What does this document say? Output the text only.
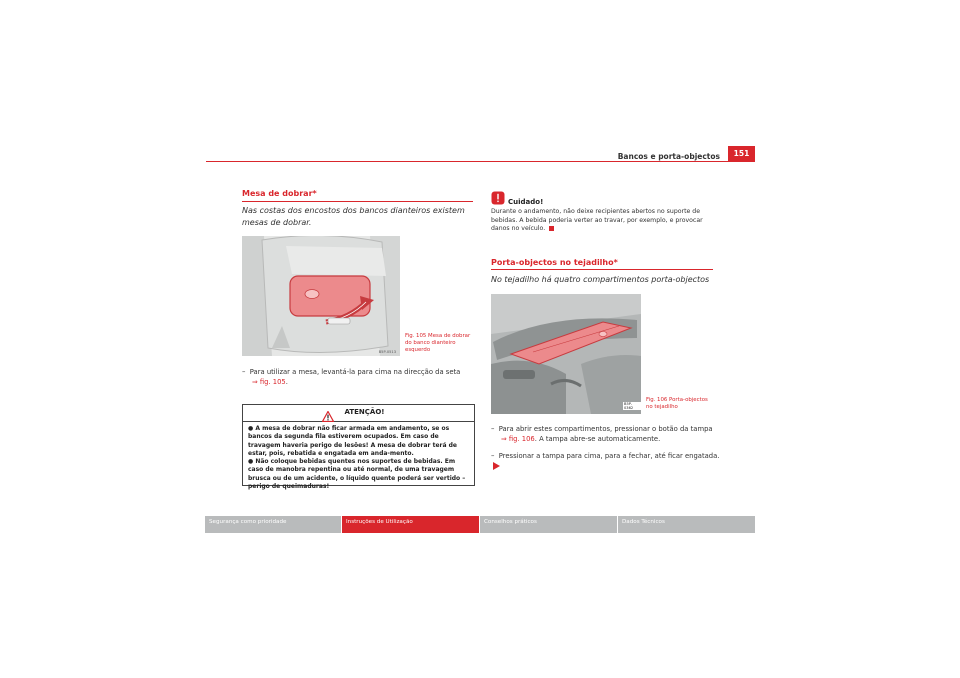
Bancos e porta-objectos	151
Mesa de dobrar*
Nas costas dos encostos dos bancos dianteiros existem mesas de dobrar.
B5P-0513
Fig. 105 Mesa de dobrar do banco dianteiro esquerdo
– Para utilizar a mesa, levantá-la para cima na direcção da seta
⇒ fig. 105.
ATENÇÃO!
● A mesa de dobrar não ficar armada em andamento, se os bancos da segunda fila estiverem ocupados. Em caso de travagem haveria perigo de lesões! A mesa de dobrar terá de estar, pois, rebatida e engatada em anda-mento.
● Não coloque bebidas quentes nos suportes de bebidas. Em caso de manobra repentina ou até normal, de uma travagem brusca ou de um acidente, o líquido quente poderá ser vertido – perigo de queimaduras!
Cuidado!
Durante o andamento, não deixe recipientes abertos no suporte de bebidas. A bebida poderia verter ao travar, por exemplo, e provocar danos no veículo.
Porta-objectos no tejadilho*
No tejadilho há quatro compartimentos porta-objectos
B5P-0362
Fig. 106 Porta-objectos no tejadilho
– Para abrir estes compartimentos, pressionar o botão da tampa
⇒ fig. 106. A tampa abre-se automaticamente.
– Pressionar a tampa para cima, para a fechar, até ficar engatada.
Segurança como prioridade	Instruções de Utilização	Conselhos práticos	Dados Técnicos
